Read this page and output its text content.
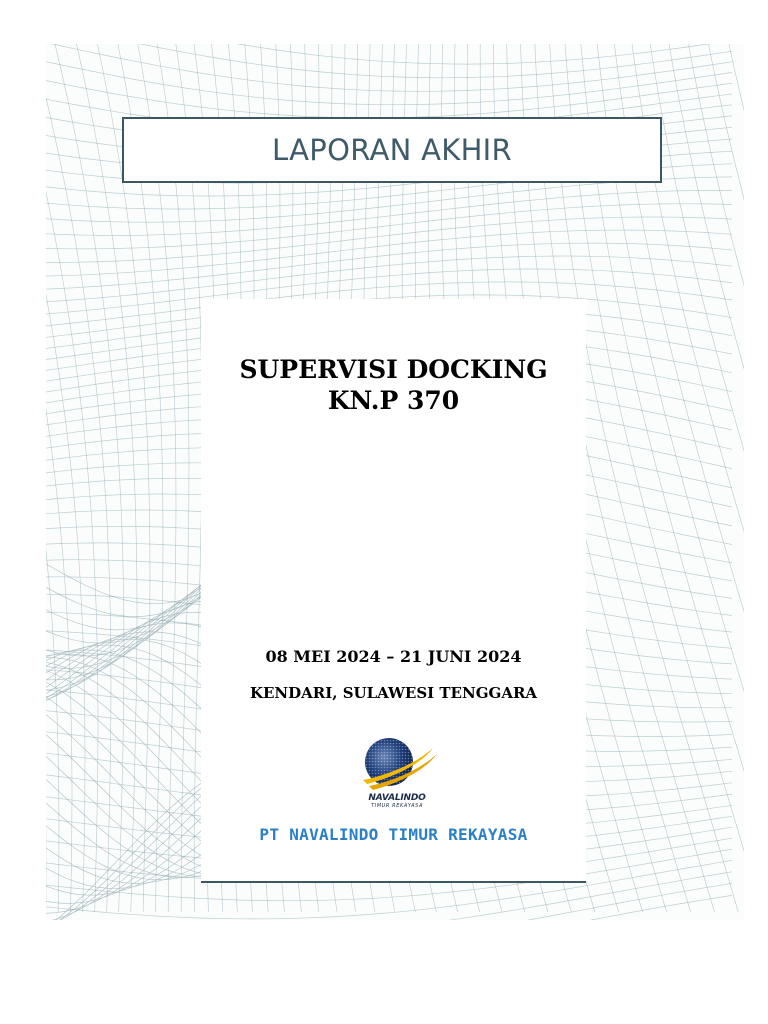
LAPORAN AKHIR
SUPERVISI DOCKING
KN.P 370
08 MEI 2024 – 21 JUNI 2024
KENDARI, SULAWESI TENGGARA
NAVALINDO
TIMUR REKAYASA
PT NAVALINDO TIMUR REKAYASA
